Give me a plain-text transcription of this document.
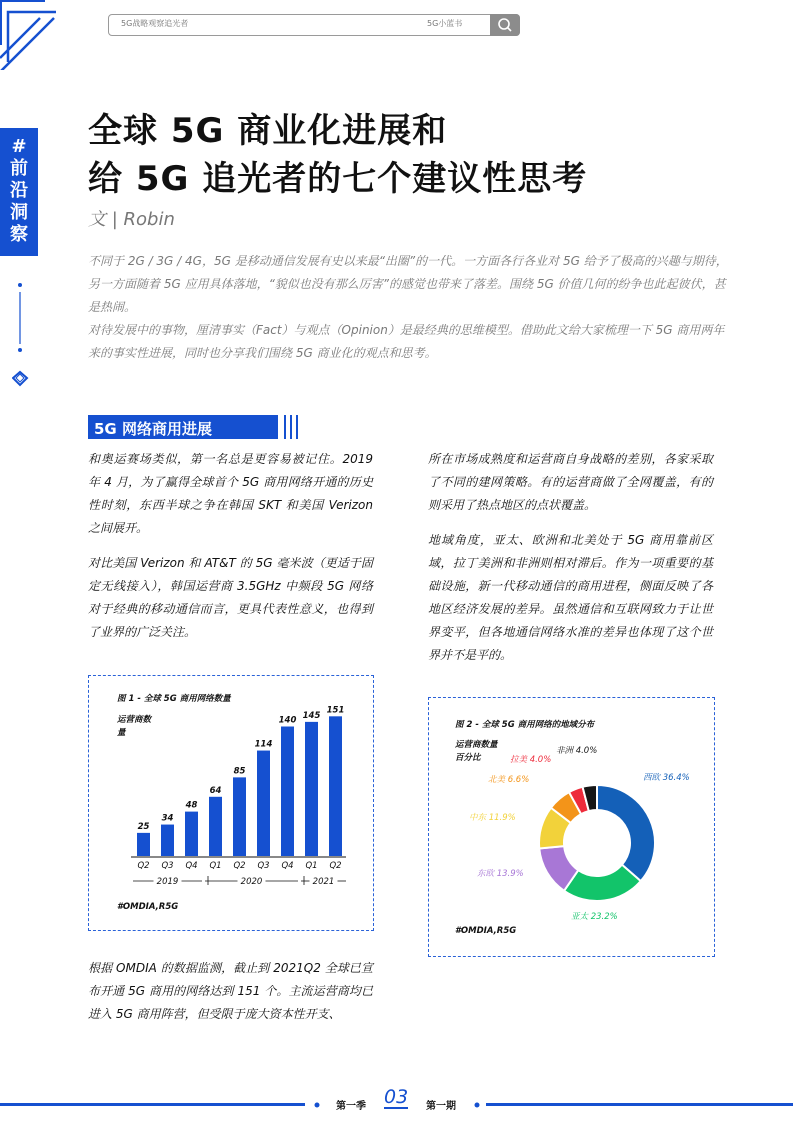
5G战略观察追光者	5G小蓝书
#
前沿洞察
全球 5G 商业化进展和
给 5G 追光者的七个建议性思考
文 | Robin
不同于 2G / 3G / 4G，5G 是移动通信发展有史以来最“出圈”的一代。一方面各行各业对 5G 给予了极高的兴趣与期待，另一方面随着 5G 应用具体落地，“貌似也没有那么厉害”的感觉也带来了落差。围绕 5G 价值几何的纷争也此起彼伏，甚是热闹。
对待发展中的事物，厘清事实（Fact）与观点（Opinion）是最经典的思维模型。借助此文给大家梳理一下 5G 商用两年来的事实性进展，同时也分享我们围绕 5G 商业化的观点和思考。
5G 网络商用进展

和奥运赛场类似，第一名总是更容易被记住。2019 年 4 月，为了赢得全球首个 5G 商用网络开通的历史性时刻，东西半球之争在韩国 SKT 和美国 Verizon 之间展开。

对比美国 Verizon 和 AT&T 的 5G 毫米波（更适于固定无线接入），韩国运营商 3.5GHz 中频段 5G 网络对于经典的移动通信而言，更具代表性意义，也得到了业界的广泛关注。

所在市场成熟度和运营商自身战略的差别，各家采取了不同的建网策略。有的运营商做了全网覆盖，有的则采用了热点地区的点状覆盖。

地域角度，亚太、欧洲和北美处于 5G 商用靠前区域，拉丁美洲和非洲则相对滞后。作为一项重要的基础设施，新一代移动通信的商用进程，侧面反映了各地区经济发展的差异。虽然通信和互联网致力于让世界变平，但各地通信网络水准的差异也体现了这个世界并不是平的。

图 1 - 全球 5G 商用网络数量
运营商数量
25
Q2
34
Q3
48
Q4
64
Q1
85
Q2
114
Q3
140
Q4
145
Q1
151
Q2
2019	2020	2021
#OMDIA,R5G
图 2 - 全球 5G 商用网络的地域分布
运营商数量
百分比
西欧 36.4%
亚太 23.2%
东欧 13.9%
中东 11.9%
北美 6.6%
拉美 4.0%
非洲 4.0%
#OMDIA,R5G

根据 OMDIA 的数据监测，截止到 2021Q2 全球已宣布开通 5G 商用的网络达到 151 个。主流运营商均已进入 5G 商用阵营，但受限于庞大资本性开支、

第一季 03 第一期
